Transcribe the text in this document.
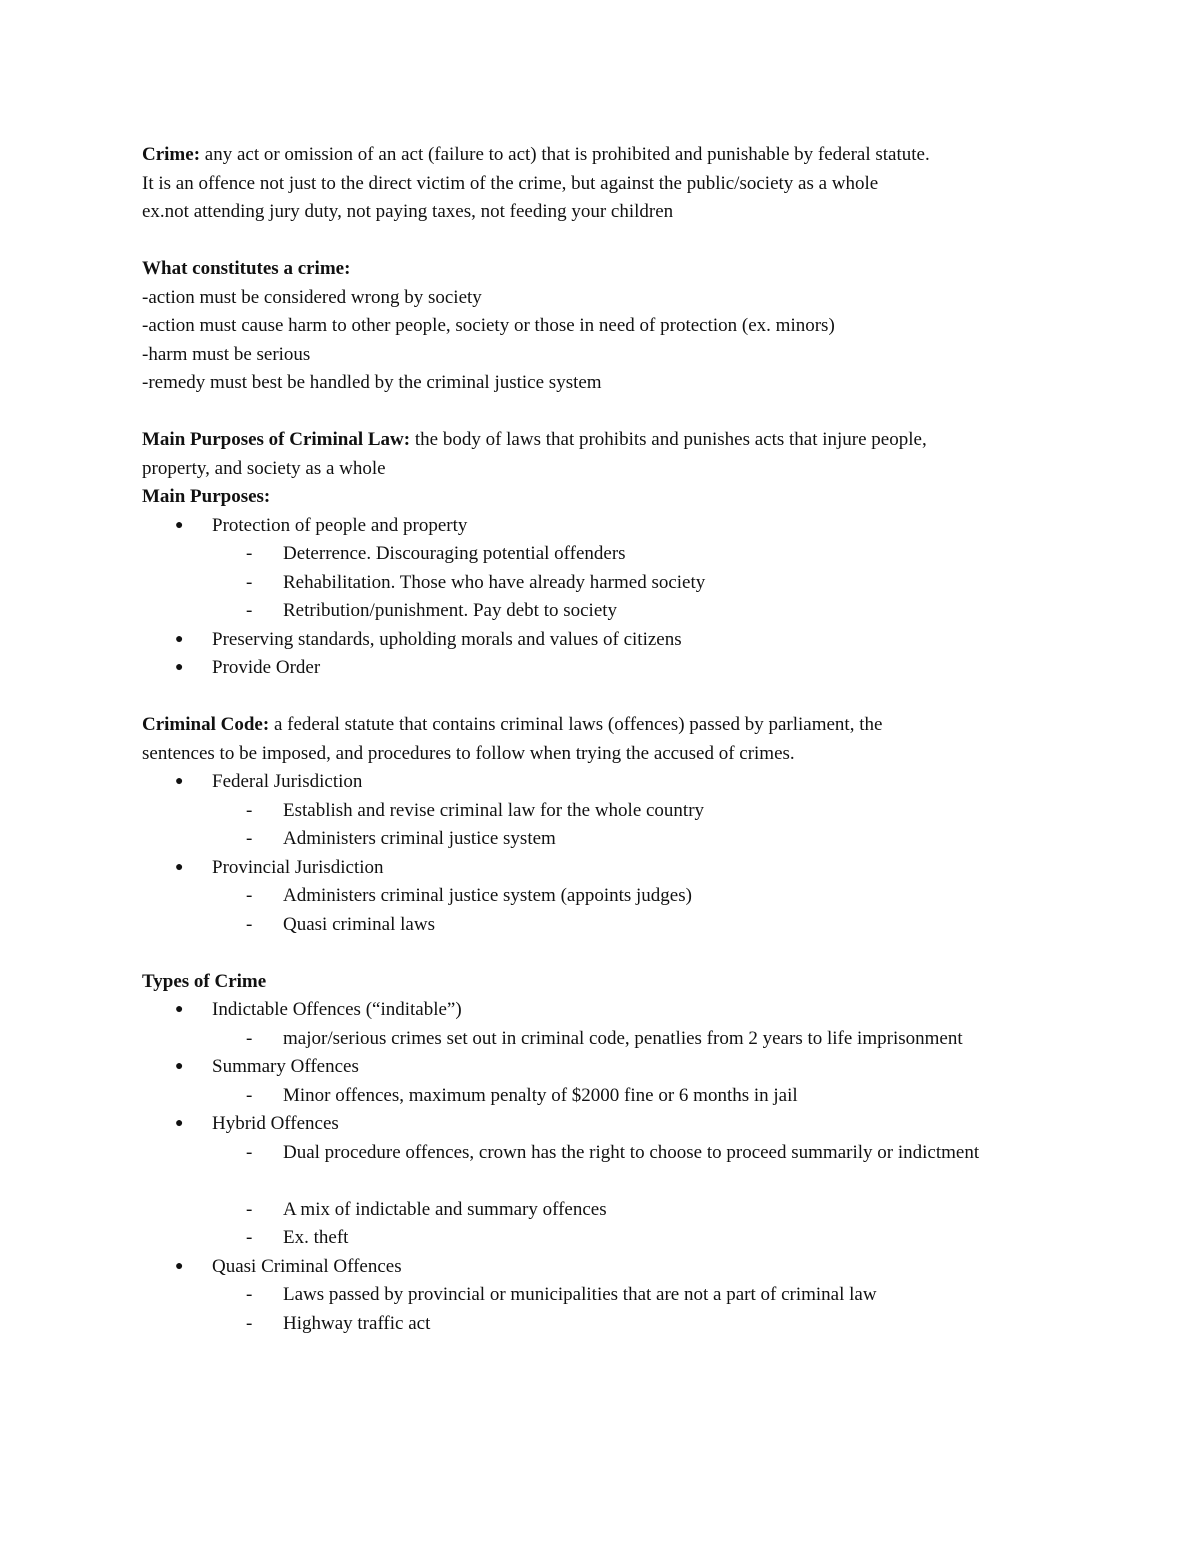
Crime: any act or omission of an act (failure to act) that is prohibited and punishable by federal statute.
It is an offence not just to the direct victim of the crime, but against the public/society as a whole
ex.not attending jury duty, not paying taxes, not feeding your children
What constitutes a crime:
-action must be considered wrong by society
-action must cause harm to other people, society or those in need of protection (ex. minors)
-harm must be serious
-remedy must best be handled by the criminal justice system
Main Purposes of Criminal Law: the body of laws that prohibits and punishes acts that injure people,
property, and society as a whole
Main Purposes:
● Protection of people and property
- Deterrence. Discouraging potential offenders
- Rehabilitation. Those who have already harmed society
- Retribution/punishment. Pay debt to society
● Preserving standards, upholding morals and values of citizens
● Provide Order
Criminal Code: a federal statute that contains criminal laws (offences) passed by parliament, the
sentences to be imposed, and procedures to follow when trying the accused of crimes.
● Federal Jurisdiction
- Establish and revise criminal law for the whole country
- Administers criminal justice system
● Provincial Jurisdiction
- Administers criminal justice system (appoints judges)
- Quasi criminal laws
Types of Crime
● Indictable Offences (“inditable”)
- major/serious crimes set out in criminal code, penatlies from 2 years to life imprisonment
● Summary Offences
- Minor offences, maximum penalty of $2000 fine or 6 months in jail
● Hybrid Offences
- Dual procedure offences, crown has the right to choose to proceed summarily or indictment
- A mix of indictable and summary offences
- Ex. theft
● Quasi Criminal Offences
- Laws passed by provincial or municipalities that are not a part of criminal law
- Highway traffic act
